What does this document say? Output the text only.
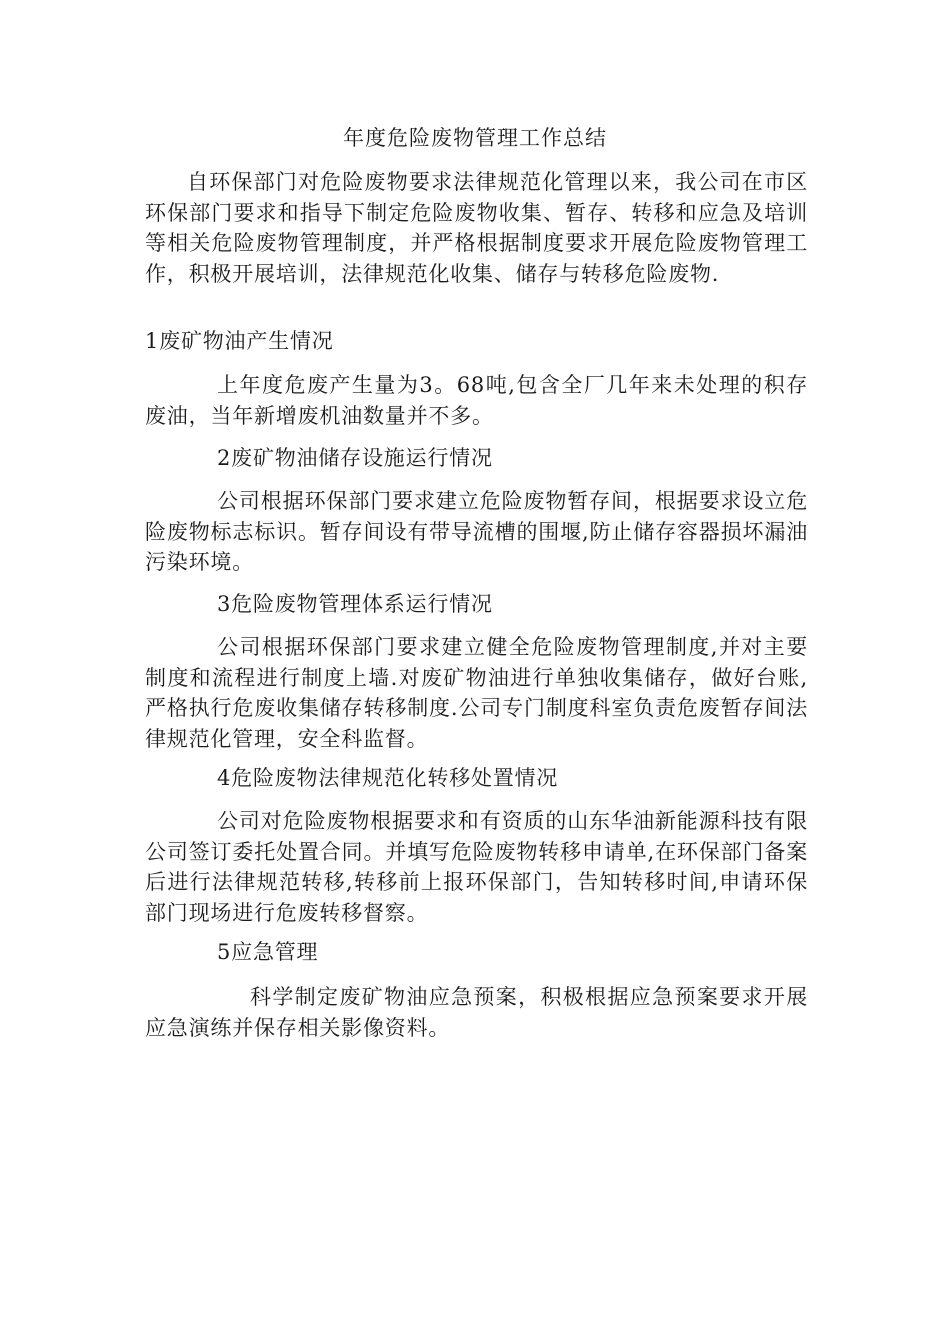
年度危险废物管理工作总结

自环保部门对危险废物要求法律规范化管理以来，我公司在市区环保部门要求和指导下制定危险废物收集、暂存、转移和应急及培训等相关危险废物管理制度，并严格根据制度要求开展危险废物管理工作，积极开展培训，法律规范化收集、储存与转移危险废物.

1废矿物油产生情况

上年度危废产生量为3。68吨,包含全厂几年来未处理的积存废油，当年新增废机油数量并不多。

2废矿物油储存设施运行情况

公司根据环保部门要求建立危险废物暂存间，根据要求设立危险废物标志标识。暂存间设有带导流槽的围堰,防止储存容器损坏漏油污染环境。

3危险废物管理体系运行情况

公司根据环保部门要求建立健全危险废物管理制度,并对主要制度和流程进行制度上墙.对废矿物油进行单独收集储存，做好台账,严格执行危废收集储存转移制度.公司专门制度科室负责危废暂存间法律规范化管理，安全科监督。

4危险废物法律规范化转移处置情况

公司对危险废物根据要求和有资质的山东华油新能源科技有限公司签订委托处置合同。并填写危险废物转移申请单,在环保部门备案后进行法律规范转移,转移前上报环保部门，告知转移时间,申请环保部门现场进行危废转移督察。

5应急管理

科学制定废矿物油应急预案，积极根据应急预案要求开展应急演练并保存相关影像资料。
